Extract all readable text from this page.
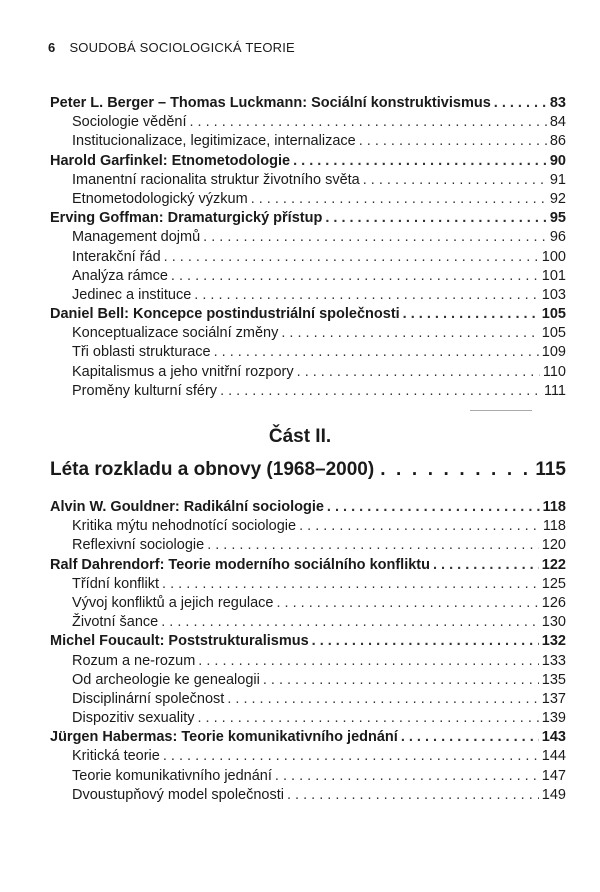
6 SOUDOBÁ SOCIOLOGICKÁ TEORIE
Peter L. Berger – Thomas Luckmann: Sociální konstruktivismus . . .	83
Sociologie vědění . . .	84
Institucionalizace, legitimizace, internalizace . . .	86
Harold Garfinkel: Etnometodologie . . .	90
Imanentní racionalita struktur životního světa . . .	91
Etnometodologický výzkum . . .	92
Erving Goffman: Dramaturgický přístup . . .	95
Management dojmů . . .	96
Interakční řád . . .	100
Analýza rámce . . .	101
Jedinec a instituce . . .	103
Daniel Bell: Koncepce postindustriální společnosti . . .	105
Konceptualizace sociální změny . . .	105
Tři oblasti strukturace . . .	109
Kapitalismus a jeho vnitřní rozpory . . .	110
Proměny kulturní sféry . . .	111
Část II.
Léta rozkladu a obnovy (1968–2000) . .	115
Alvin W. Gouldner: Radikální sociologie . . .	118
Kritika mýtu nehodnotící sociologie . . .	118
Reflexivní sociologie . . .	120
Ralf Dahrendorf: Teorie moderního sociálního konfliktu . . .	122
Třídní konflikt . . .	125
Vývoj konfliktů a jejich regulace . . .	126
Životní šance . . .	130
Michel Foucault: Poststrukturalismus . . .	132
Rozum a ne-rozum . . .	133
Od archeologie ke genealogii . . .	135
Disciplinární společnost . . .	137
Dispozitiv sexuality . . .	139
Jürgen Habermas: Teorie komunikativního jednání . . .	143
Kritická teorie . . .	144
Teorie komunikativního jednání . . .	147
Dvoustupňový model společnosti . . .	149
